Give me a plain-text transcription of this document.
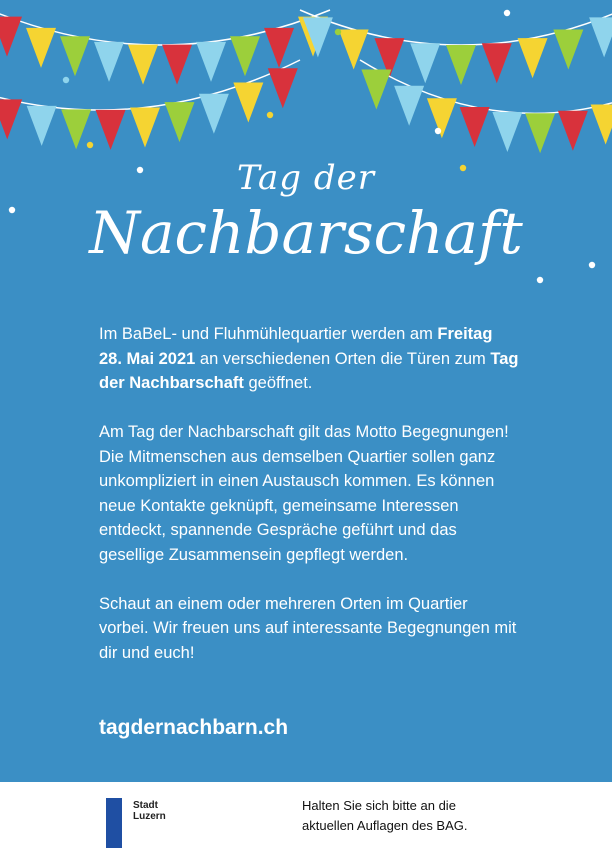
Tag der
Nachbarschaft

Im BaBeL- und Fluhmühlequartier werden am Freitag 28. Mai 2021 an verschiedenen Orten die Türen zum Tag der Nachbarschaft geöffnet.

Am Tag der Nachbarschaft gilt das Motto Begegnungen! Die Mitmenschen aus demselben Quartier sollen ganz unkompliziert in einen Austausch kommen. Es können neue Kontakte geknüpft, gemeinsame Interessen entdeckt, spannende Gespräche geführt und das gesellige Zusammensein gepflegt werden.

Schaut an einem oder mehreren Orten im Quartier vorbei. Wir freuen uns auf interessante Begegnungen mit dir und euch!

tagdernachbarn.ch
Stadt
Luzern
Halten Sie sich bitte an die
aktuellen Auflagen des BAG.
